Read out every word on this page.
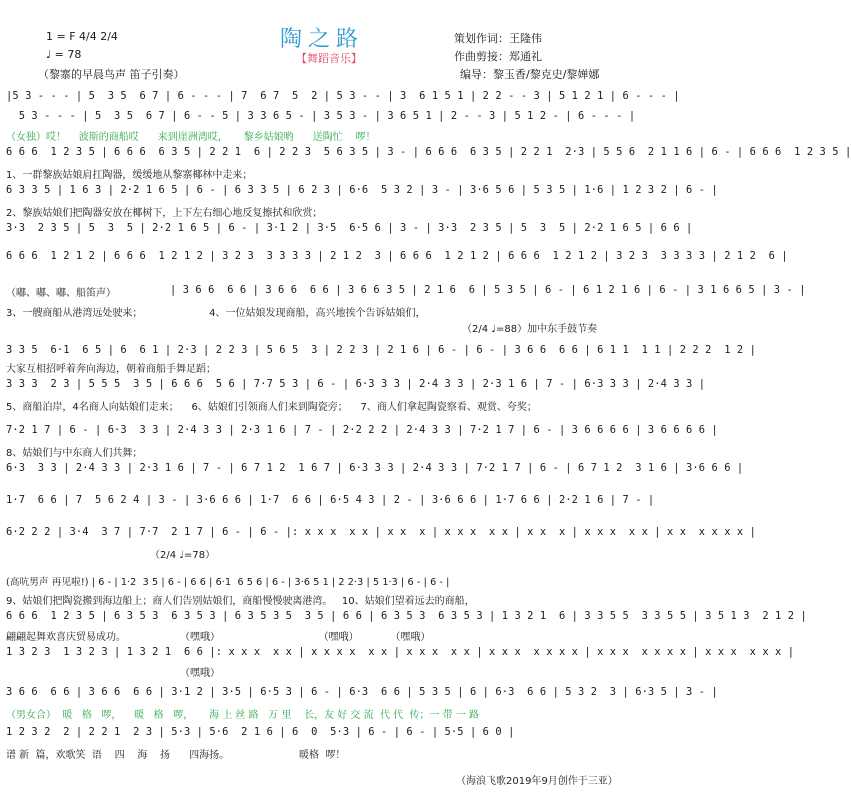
1 = F 4/4 2/4
♩ = 78
（黎寨的早晨鸟声 笛子引奏）
陶之路
【舞蹈音乐】
策划作词：王隆伟
作曲剪接：郑通礼
编导：黎玉香/黎克史/黎婵娜
|5 3 - - - | 5  3 5  6 7 | 6 - - - | 7  6 7  5  2 | 5 3 - - | 3  6 1 5 1 | 2 2 - - 3 | 5 1 2 1 | 6 - - - |
5 3 - - - | 5  3 5  6 7 | 6 - - 5 | 3 3 6 5 - | 3 5 3 - | 3 6 5 1 | 2 - - 3 | 5 1 2 - | 6 - - - |
（女独）哎！    波斯的商船哎      来到崖洲湾哎，     黎乡姑娘哟      送陶忙    啰！
6 6 6  1 2 3 5 | 6 6 6  6 3 5 | 2 2 1  6 | 2 2 3  5 6 3 5 | 3 - | 6 6 6  6 3 5 | 2 2 1  2·3 | 5 5 6  2 1 1 6 | 6 - | 6 6 6  1 2 3 5 |
1、一群黎族姑娘肩扛陶器，缓缓地从黎寨椰林中走来；
6 3 3 5 | 1 6 3 | 2·2 1 6 5 | 6 - | 6 3 3 5 | 6 2 3 | 6·6  5 3 2 | 3 - | 3·6 5 6 | 5 3 5 | 1·6 | 1 2 3 2 | 6 - |
2、黎族姑娘们把陶器安放在椰树下，上下左右细心地反复擦拭和欣赏；
3·3  2 3 5 | 5  3  5 | 2·2 1 6 5 | 6 - | 3·1 2 | 3·5  6·5 6 | 3 - | 3·3  2 3 5 | 5  3  5 | 2·2 1 6 5 | 6 6 |
6 6 6  1 2 1 2 | 6 6 6  1 2 1 2 | 3 2 3  3 3 3 3 | 2 1 2  3 | 6 6 6  1 2 1 2 | 6 6 6  1 2 1 2 | 3 2 3  3 3 3 3 | 2 1 2  6 |
（嘟、嘟、嘟、船笛声）	| 3 6 6  6 6 | 3 6 6  6 6 | 3 6 6 3 5 | 2 1 6  6 | 5 3 5 | 6 - | 6 1 2 1 6 | 6 - | 3 1 6 6 5 | 3 - |
3、一艘商船从港湾远处驶来；                     4、一位姑娘发现商船，高兴地挨个告诉姑娘们，
（2/4 ♩=88）加中东手鼓节奏
3 3 5  6·1  6 5 | 6  6 1 | 2·3 | 2 2 3 | 5 6 5  3 | 2 2 3 | 2 1 6 | 6 - | 6 - | 3 6 6  6 6 | 6 1 1  1 1 | 2 2 2  1 2 |
大家互相招呼着奔向海边，朝着商船手舞足蹈；
3 3 3  2 3 | 5 5 5  3 5 | 6 6 6  5 6 | 7·7 5 3 | 6 - | 6·3 3 3 | 2·4 3 3 | 2·3 1 6 | 7 - | 6·3 3 3 | 2·4 3 3 |
5、商船泊岸，4名商人向姑娘们走来；    6、姑娘们引领商人们来到陶瓷旁；    7、商人们拿起陶瓷察看、观赏、夸奖；
7·2 1 7 | 6 - | 6·3  3 3 | 2·4 3 3 | 2·3 1 6 | 7 - | 2·2 2 2 | 2·4 3 3 | 7·2 1 7 | 6 - | 3 6 6 6 6 | 3 6 6 6 6 |
8、姑娘们与中东商人们共舞；
6·3  3 3 | 2·4 3 3 | 2·3 1 6 | 7 - | 6 7 1 2  1 6 7 | 6·3 3 3 | 2·4 3 3 | 7·2 1 7 | 6 - | 6 7 1 2  3 1 6 | 3·6 6 6 |
1·7  6 6 | 7  5 6 2 4 | 3 - | 3·6 6 6 | 1·7  6 6 | 6·5 4 3 | 2 - | 3·6 6 6 | 1·7 6 6 | 2·2 1 6 | 7 - |
6·2 2 2 | 3·4  3 7 | 7·7  2 1 7 | 6 - | 6 - |: x x x  x x | x x  x | x x x  x x | x x  x | x x x  x x | x x  x x x x |
（2/4 ♩=78）
(高吭男声 再见啦!) | 6 - | 1·2  3 5 | 6 - | 6 6 | 6·1  6 5 6 | 6 - | 3·6 5 1 | 2 2·3 | 5 1·3 | 6 - | 6 - |
9、姑娘们把陶瓷搬到海边船上；商人们告别姑娘们，商船慢慢驶离港湾。   10、姑娘们望着远去的商船，
6 6 6  1 2 3 5 | 6 3 5 3  6 3 5 3 | 6 3 5 3 5  3 5 | 6 6 | 6 3 5 3  6 3 5 3 | 1 3 2 1  6 | 3 3 5 5  3 3 5 5 | 3 5 1 3  2 1 2 |
翩翩起舞欢喜庆贸易成功。                 （嘿哦）                               （嘿哦）          （嘿哦）
1 3 2 3  1 3 2 3 | 1 3 2 1  6 6 |: x x x  x x | x x x x  x x | x x x  x x | x x x  x x x x | x x x  x x x x | x x x  x x x |
（嘿哦）
3 6 6  6 6 | 3 6 6  6 6 | 3·1 2 | 3·5 | 6·5 3 | 6 - | 6·3  6 6 | 5 3 5 | 6 | 6·3  6 6 | 5 3 2  3 | 6·3 5 | 3 - |
（男女合）  暖   格   啰，    暖   格   啰，     海 上 丝 路   万 里    长，友 好 交 流  代 代  传；一 带 一 路
1 2 3 2  2 | 2 2 1  2 3 | 5·3 | 5·6  2 1 6 | 6  0  5·3 | 6 - | 6 - | 5·5 | 6 0 |
谱 新  篇，欢歌笑  语    四    海    扬      四海扬。                      暖格  啰！
（海浪飞歌2019年9月创作于三亚）
